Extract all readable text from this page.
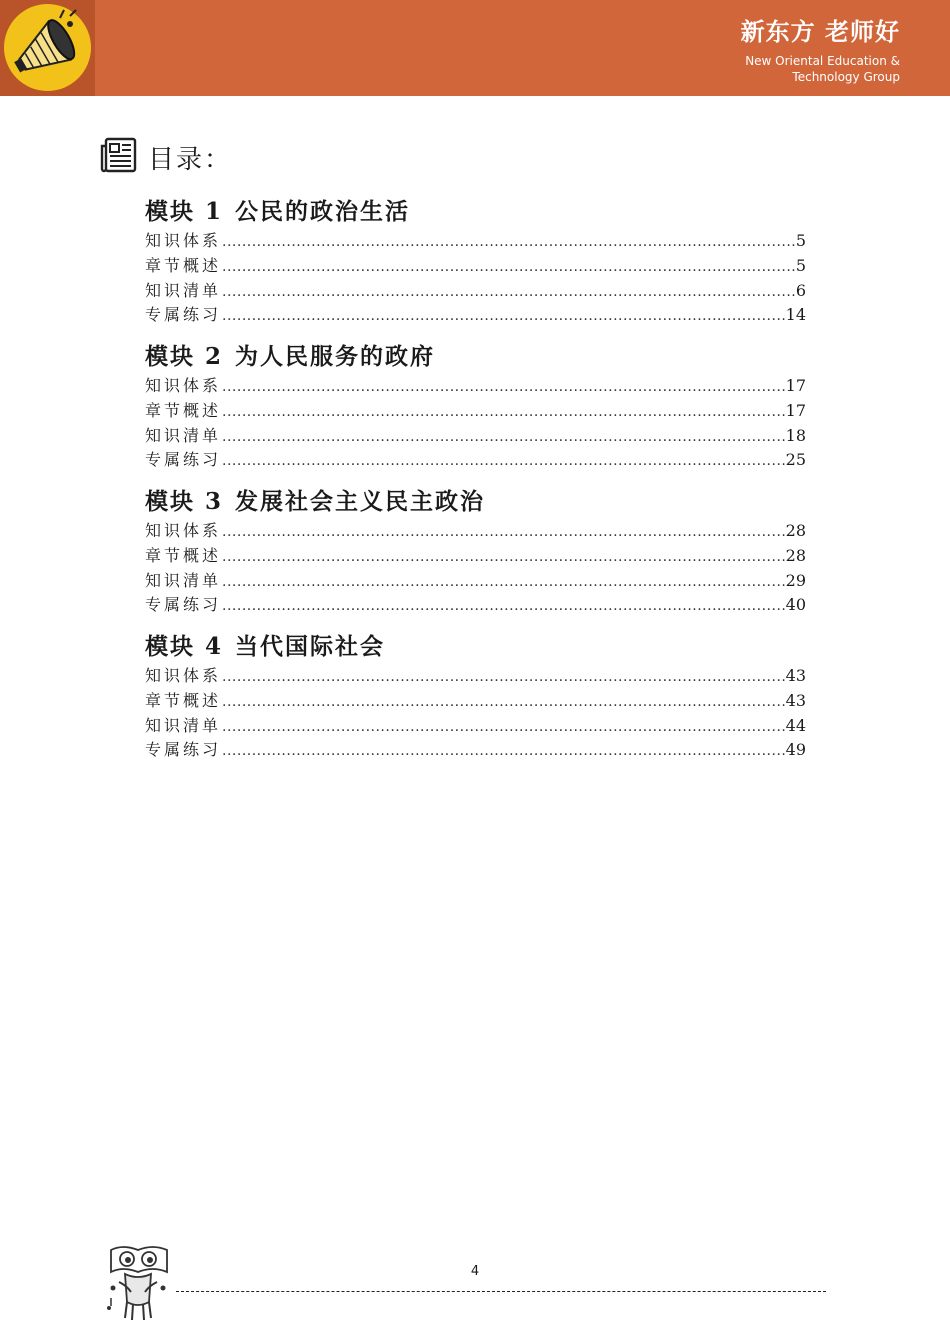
新东方 老师好
New Oriental Education &
Technology Group
目录：
模块 1 公民的政治生活
知识体系 .....	5
章节概述 .....	5
知识清单 .....	6
专属练习 .....	14
模块 2 为人民服务的政府
知识体系 .....	17
章节概述 .....	17
知识清单 .....	18
专属练习 .....	25
模块 3 发展社会主义民主政治
知识体系 .....	28
章节概述 .....	28
知识清单 .....	29
专属练习 .....	40
模块 4 当代国际社会
知识体系 .....	43
章节概述 .....	43
知识清单 .....	44
专属练习 .....	49
4
